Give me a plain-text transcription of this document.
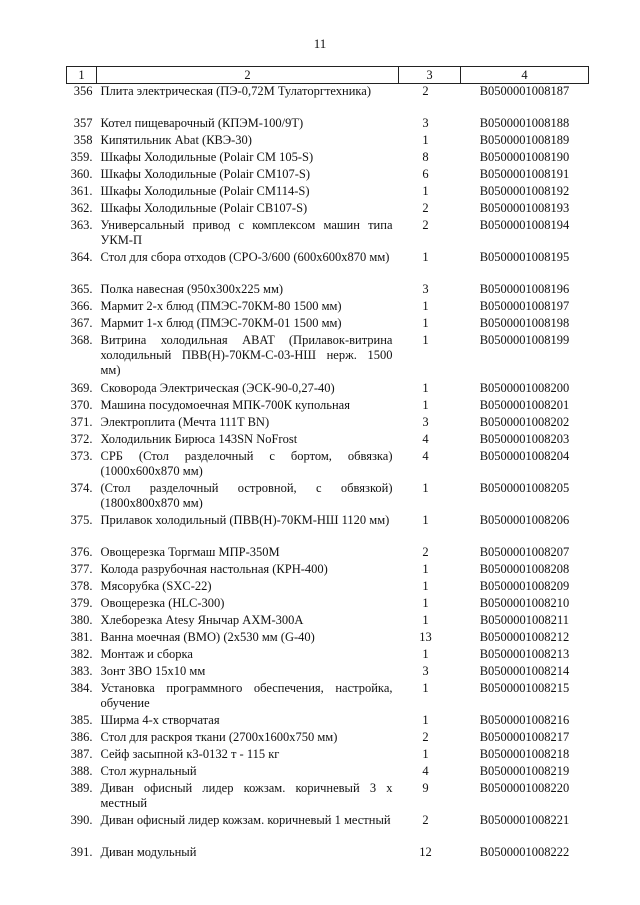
11
1	2	3	4
356	Плита электрическая (ПЭ-0,72М Тулаторгтехника)	2	B0500001008187
357	Котел пищеварочный (КПЭМ-100/9Т)	3	B0500001008188
358	Кипятильник Abat (КВЭ-30)	1	B0500001008189
359.	Шкафы Холодильные (Polair CM 105-S)	8	B0500001008190
360.	Шкафы Холодильные (Polair CM107-S)	6	B0500001008191
361.	Шкафы Холодильные (Polair CM114-S)	1	B0500001008192
362.	Шкафы Холодильные (Polair CB107-S)	2	B0500001008193
363.	Универсальный привод с комплексом машин типа УКМ-П	2	B0500001008194
364.	Стол для сбора отходов (СРО-3/600 (600х600х870 мм)	1	B0500001008195
365.	Полка навесная (950х300х225 мм)	3	B0500001008196
366.	Мармит 2-х блюд (ПМЭС-70КМ-80 1500 мм)	1	B0500001008197
367.	Мармит 1-х блюд (ПМЭС-70КМ-01 1500 мм)	1	B0500001008198
368.	Витрина холодильная ABAT (Прилавок-витрина холодильный ПВВ(Н)-70КМ-С-03-НШ нерж. 1500 мм)	1	B0500001008199
369.	Сковорода Электрическая (ЭСК-90-0,27-40)	1	B0500001008200
370.	Машина посудомоечная МПК-700К купольная	1	B0500001008201
371.	Электроплита (Мечта 111T BN)	3	B0500001008202
372.	Холодильник Бирюса 143SN NoFrost	4	B0500001008203
373.	СРБ (Стол разделочный с бортом, обвязка) (1000х600х870 мм)	4	B0500001008204
374.	(Стол разделочный островной, с обвязкой) (1800х800х870 мм)	1	B0500001008205
375.	Прилавок холодильный (ПВВ(Н)-70КМ-НШ 1120 мм)	1	B0500001008206
376.	Овощерезка Торгмаш МПР-350М	2	B0500001008207
377.	Колода разрубочная настольная (КРН-400)	1	B0500001008208
378.	Мясорубка (SXC-22)	1	B0500001008209
379.	Овощерезка (HLC-300)	1	B0500001008210
380.	Хлеборезка Atesy Янычар АХМ-300А	1	B0500001008211
381.	Ванна моечная (ВМО) (2х530 мм (G-40)	13	B0500001008212
382.	Монтаж и сборка	1	B0500001008213
383.	Зонт ЗВО 15х10 мм	3	B0500001008214
384.	Установка программного обеспечения, настройка, обучение	1	B0500001008215
385.	Ширма 4-х створчатая	1	B0500001008216
386.	Стол для раскроя ткани (2700х1600х750 мм)	2	B0500001008217
387.	Сейф засыпной к3-0132 т - 115 кг	1	B0500001008218
388.	Стол журнальный	4	B0500001008219
389.	Диван офисный лидер кожзам. коричневый 3 х местный	9	B0500001008220
390.	Диван офисный лидер кожзам. коричневый 1 местный	2	B0500001008221
391.	Диван модульный	12	B0500001008222
